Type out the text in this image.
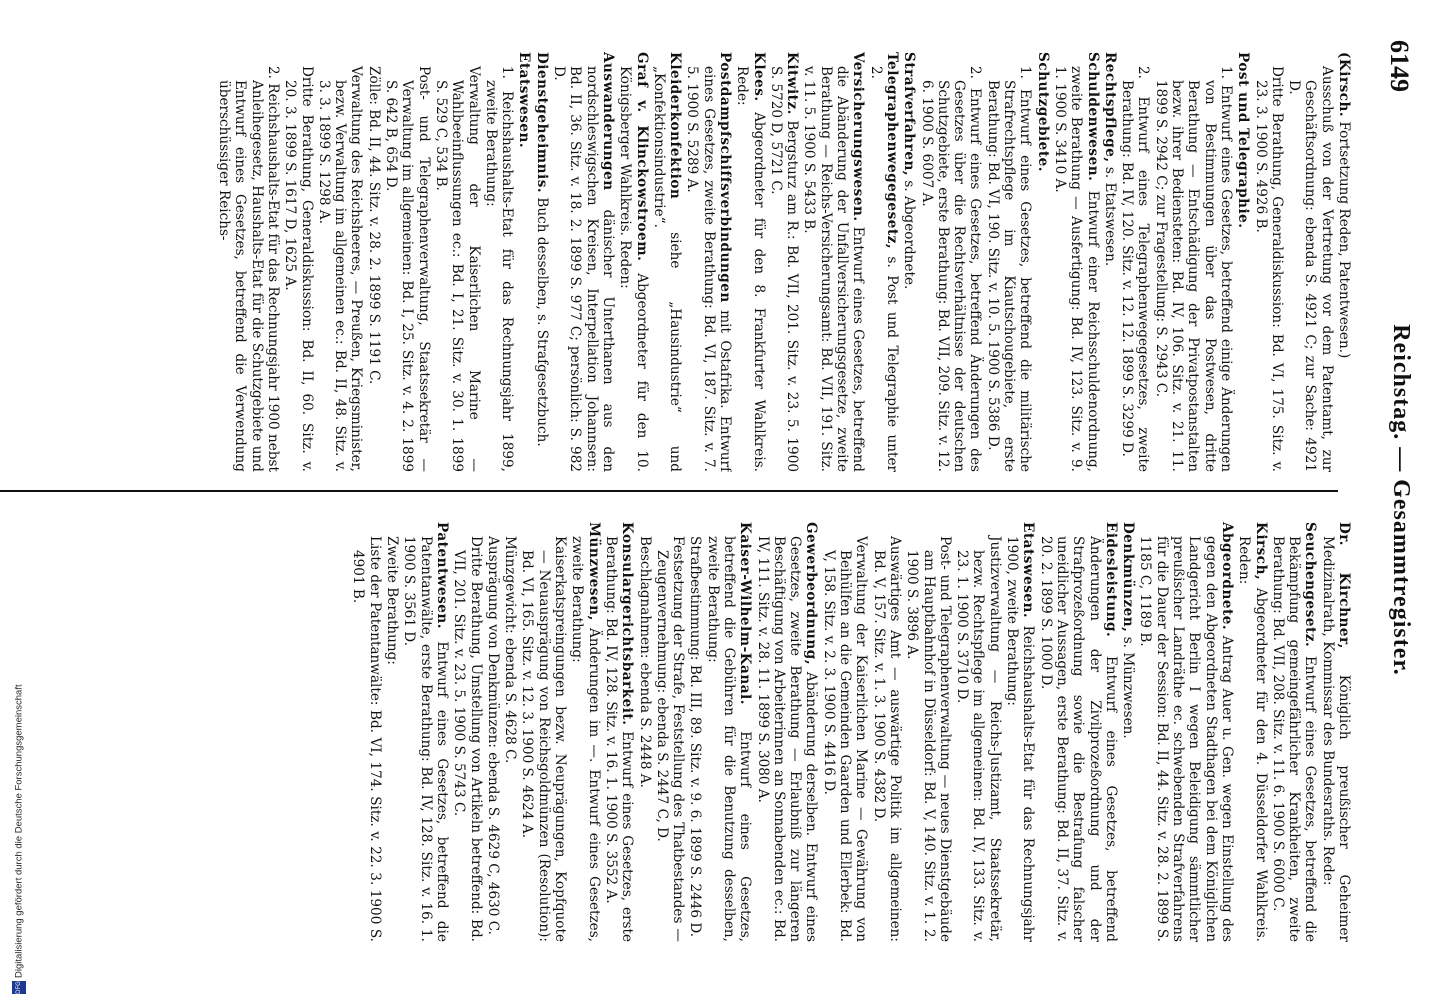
6149
Reichstag. — Gesammtregister.
(Kirsch. Fortsetzung Reden, Patentwesen.)
Ausschuß von der Vertretung vor dem Patentamt, zur Geschäftsordnung: ebenda S. 4921 C; zur Sache: 4921 D.
Dritte Berathung, Generaldiskussion: Bd. VI, 175. Sitz. v. 23. 3. 1900 S. 4926 B.
Post und Telegraphie.
1. Entwurf eines Gesetzes, betreffend einige Änderungen von Bestimmungen über das Postwesen, dritte Berathung — Entschädigung der Privatpostanstalten bezw. ihrer Bediensteten: Bd. IV, 106. Sitz. v. 21. 11. 1899 S. 2942 C; zur Fragestellung: S. 2943 C.
2. Entwurf eines Telegraphenwegegesetzes, zweite Berathung: Bd. IV, 120. Sitz. v. 12. 12. 1899 S. 3299 D.
Rechtspflege, s. Etatswesen.
Schuldenwesen. Entwurf einer Reichsschuldenordnung, zweite Berathung — Ausfertigung: Bd. IV, 123. Sitz. v. 9. 1. 1900 S. 3410 A.
Schutzgebiete.
1. Entwurf eines Gesetzes, betreffend die militärische Strafrechtspflege im Kiautschougebiete, erste Berathung: Bd. VI, 190. Sitz. v. 10. 5. 1900 S. 5386 D.
2. Entwurf eines Gesetzes, betreffend Änderungen des Gesetzes über die Rechtsverhältnisse der deutschen Schutzgebiete, erste Berathung: Bd. VII, 209. Sitz. v. 12. 6. 1900 S. 6007 A.
Strafverfahren, s. Abgeordnete.
Telegraphenwegegesetz, s. Post und Telegraphie unter 2.
Versicherungswesen. Entwurf eines Gesetzes, betreffend die Abänderung der Unfallversicherungsgesetze, zweite Berathung — Reichs-Versicherungsamt: Bd. VII, 191. Sitz. v. 11. 5. 1900 S. 5433 B.
Kitwitz. Bergsturz am R.: Bd. VII, 201. Sitz. v. 23. 5. 1900 S. 5720 D, 5721 C.
Klees. Abgeordneter für den 8. Frankfurter Wahlkreis. Rede:
Postdampfschiffsverbindungen mit Ostafrika. Entwurf eines Gesetzes, zweite Berathung: Bd. VI, 187. Sitz. v. 7. 5. 1900 S. 5289 A.
Kleiderkonfektion siehe „Hausindustrie“ und „Konfektionsindustrie“.
Graf v. Klinckowstroem. Abgeordneter für den 10. Königsberger Wahlkreis. Reden:
Auswanderungen dänischer Unterthanen aus den nordschleswigschen Kreisen, Interpellation Johannsen: Bd. II, 36. Sitz. v. 18. 2. 1899 S. 977 C; persönlich: S. 982 D.
Dienstgeheimnis. Buch desselben, s. Strafgesetzbuch.
Etatswesen.
1. Reichshaushalts-Etat für das Rechnungsjahr 1899, zweite Berathung:
Verwaltung der Kaiserlichen Marine — Wahlbeeinflussungen ec.: Bd. I, 21. Sitz. v. 30. 1. 1899 S. 529 C, 534 B.
Post- und Telegraphenverwaltung, Staatssekretär — Verwaltung im allgemeinen: Bd. I, 25. Sitz. v. 4. 2. 1899 S. 642 B, 654 D.
Zölle: Bd. II, 44. Sitz. v. 28. 2. 1899 S. 1191 C.
Verwaltung des Reichsheeres, — Preußen, Kriegsminister, bezw. Verwaltung im allgemeinen ec.: Bd. II, 48. Sitz. v. 3. 3. 1899 S. 1298 A.
Dritte Berathung, Generaldiskussion: Bd. II, 60. Sitz. v. 20. 3. 1899 S. 1617 D, 1625 A.
2. Reichshaushalts-Etat für das Rechnungsjahr 1900 nebst Anleihegesetz, Haushalts-Etat für die Schutzgebiete und Entwurf eines Gesetzes, betreffend die Verwendung überschüssiger Reichs-
Dr. Kirchner, Königlich preußischer Geheimer Medizinalrath, Kommissar des Bundesraths. Rede:
Seuchengesetz. Entwurf eines Gesetzes, betreffend die Bekämpfung gemeingefährlicher Krankheiten, zweite Berathung: Bd. VII, 208. Sitz. v. 11. 6. 1900 S. 6000 C.
Kirsch, Abgeordneter für den 4. Düsseldorfer Wahlkreis. Reden:
Abgeordnete. Antrag Auer u. Gen. wegen Einstellung des gegen den Abgeordneten Stadthagen bei dem Königlichen Landgericht Berlin I wegen Beleidigung sämmtlicher preußischer Landräthe ec. schwebenden Strafverfahrens für die Dauer der Session: Bd. II, 44. Sitz. v. 28. 2. 1899 S. 1185 C, 1189 B.
Denkmünzen, s. Münzwesen.
Eidesleistung. Entwurf eines Gesetzes, betreffend Änderungen der Zivilprozeßordnung und der Strafprozeßordnung sowie die Bestrafung falscher uneidlicher Aussagen, erste Berathung: Bd. II, 37. Sitz. v. 20. 2. 1899 S. 1000 D.
Etatswesen. Reichshaushalts-Etat für das Rechnungsjahr 1900, zweite Berathung:
Justizverwaltung — Reichs-Justizamt, Staatssekretär, bezw. Rechtspflege im allgemeinen: Bd. IV, 133. Sitz. v. 23. 1. 1900 S. 3710 D.
Post- und Telegraphenverwaltung — neues Dienstgebäude am Hauptbahnhof in Düsseldorf: Bd. V, 140. Sitz. v. 1. 2. 1900 S. 3896 A.
Auswärtiges Amt — auswärtige Politik im allgemeinen: Bd. V, 157. Sitz. v. 1. 3. 1900 S. 4382 D.
Verwaltung der Kaiserlichen Marine — Gewährung von Beihülfen an die Gemeinden Gaarden und Ellerbek: Bd. V, 158. Sitz. v. 2. 3. 1900 S. 4416 D.
Gewerbeordnung, Abänderung derselben. Entwurf eines Gesetzes, zweite Berathung — Erlaubniß zur längeren Beschäftigung von Arbeiterinnen an Sonnabenden ec.: Bd. IV, 111. Sitz. v. 28. 11. 1899 S. 3080 A.
Kaiser-Wilhelm-Kanal. Entwurf eines Gesetzes, betreffend die Gebühren für die Benutzung desselben, zweite Berathung:
Strafbestimmung: Bd. III, 89. Sitz. v. 9. 6. 1899 S. 2446 D.
Festsetzung der Strafe, Feststellung des Thatbestandes — Zeugenvernehmung: ebenda S. 2447 C, D.
Beschlagnahmen: ebenda S. 2448 A.
Konsulargerichtsbarkeit. Entwurf eines Gesetzes, erste Berathung: Bd. IV, 128. Sitz. v. 16. 1. 1900 S. 3552 A.
Münzwesen, Änderungen im —. Entwurf eines Gesetzes, zweite Berathung:
Kaiserkatspreingungen bezw. Neuprägungen, Kopfquote — Neuausprägung von Reichsgoldmünzen (Resolution): Bd. VI, 165. Sitz. v. 12. 3. 1900 S. 4624 A.
Münzgewicht: ebenda S. 4628 C.
Ausprägung von Denkmünzen: ebenda S. 4629 C, 4630 C.
Dritte Berathung, Umstellung von Artikeln betreffend: Bd. VII, 201. Sitz. v. 23. 5. 1900 S. 5743 C.
Patentwesen. Entwurf eines Gesetzes, betreffend die Patentanwälte, erste Berathung: Bd. IV, 128. Sitz. v. 16. 1. 1900 S. 3561 D.
Zweite Berathung:
Liste der Patentanwälte: Bd. VI, 174. Sitz. v. 22. 3. 1900 S. 4901 B.
DFGDigitalisierung gefördert durch die Deutsche Forschungsgemeinschaft
